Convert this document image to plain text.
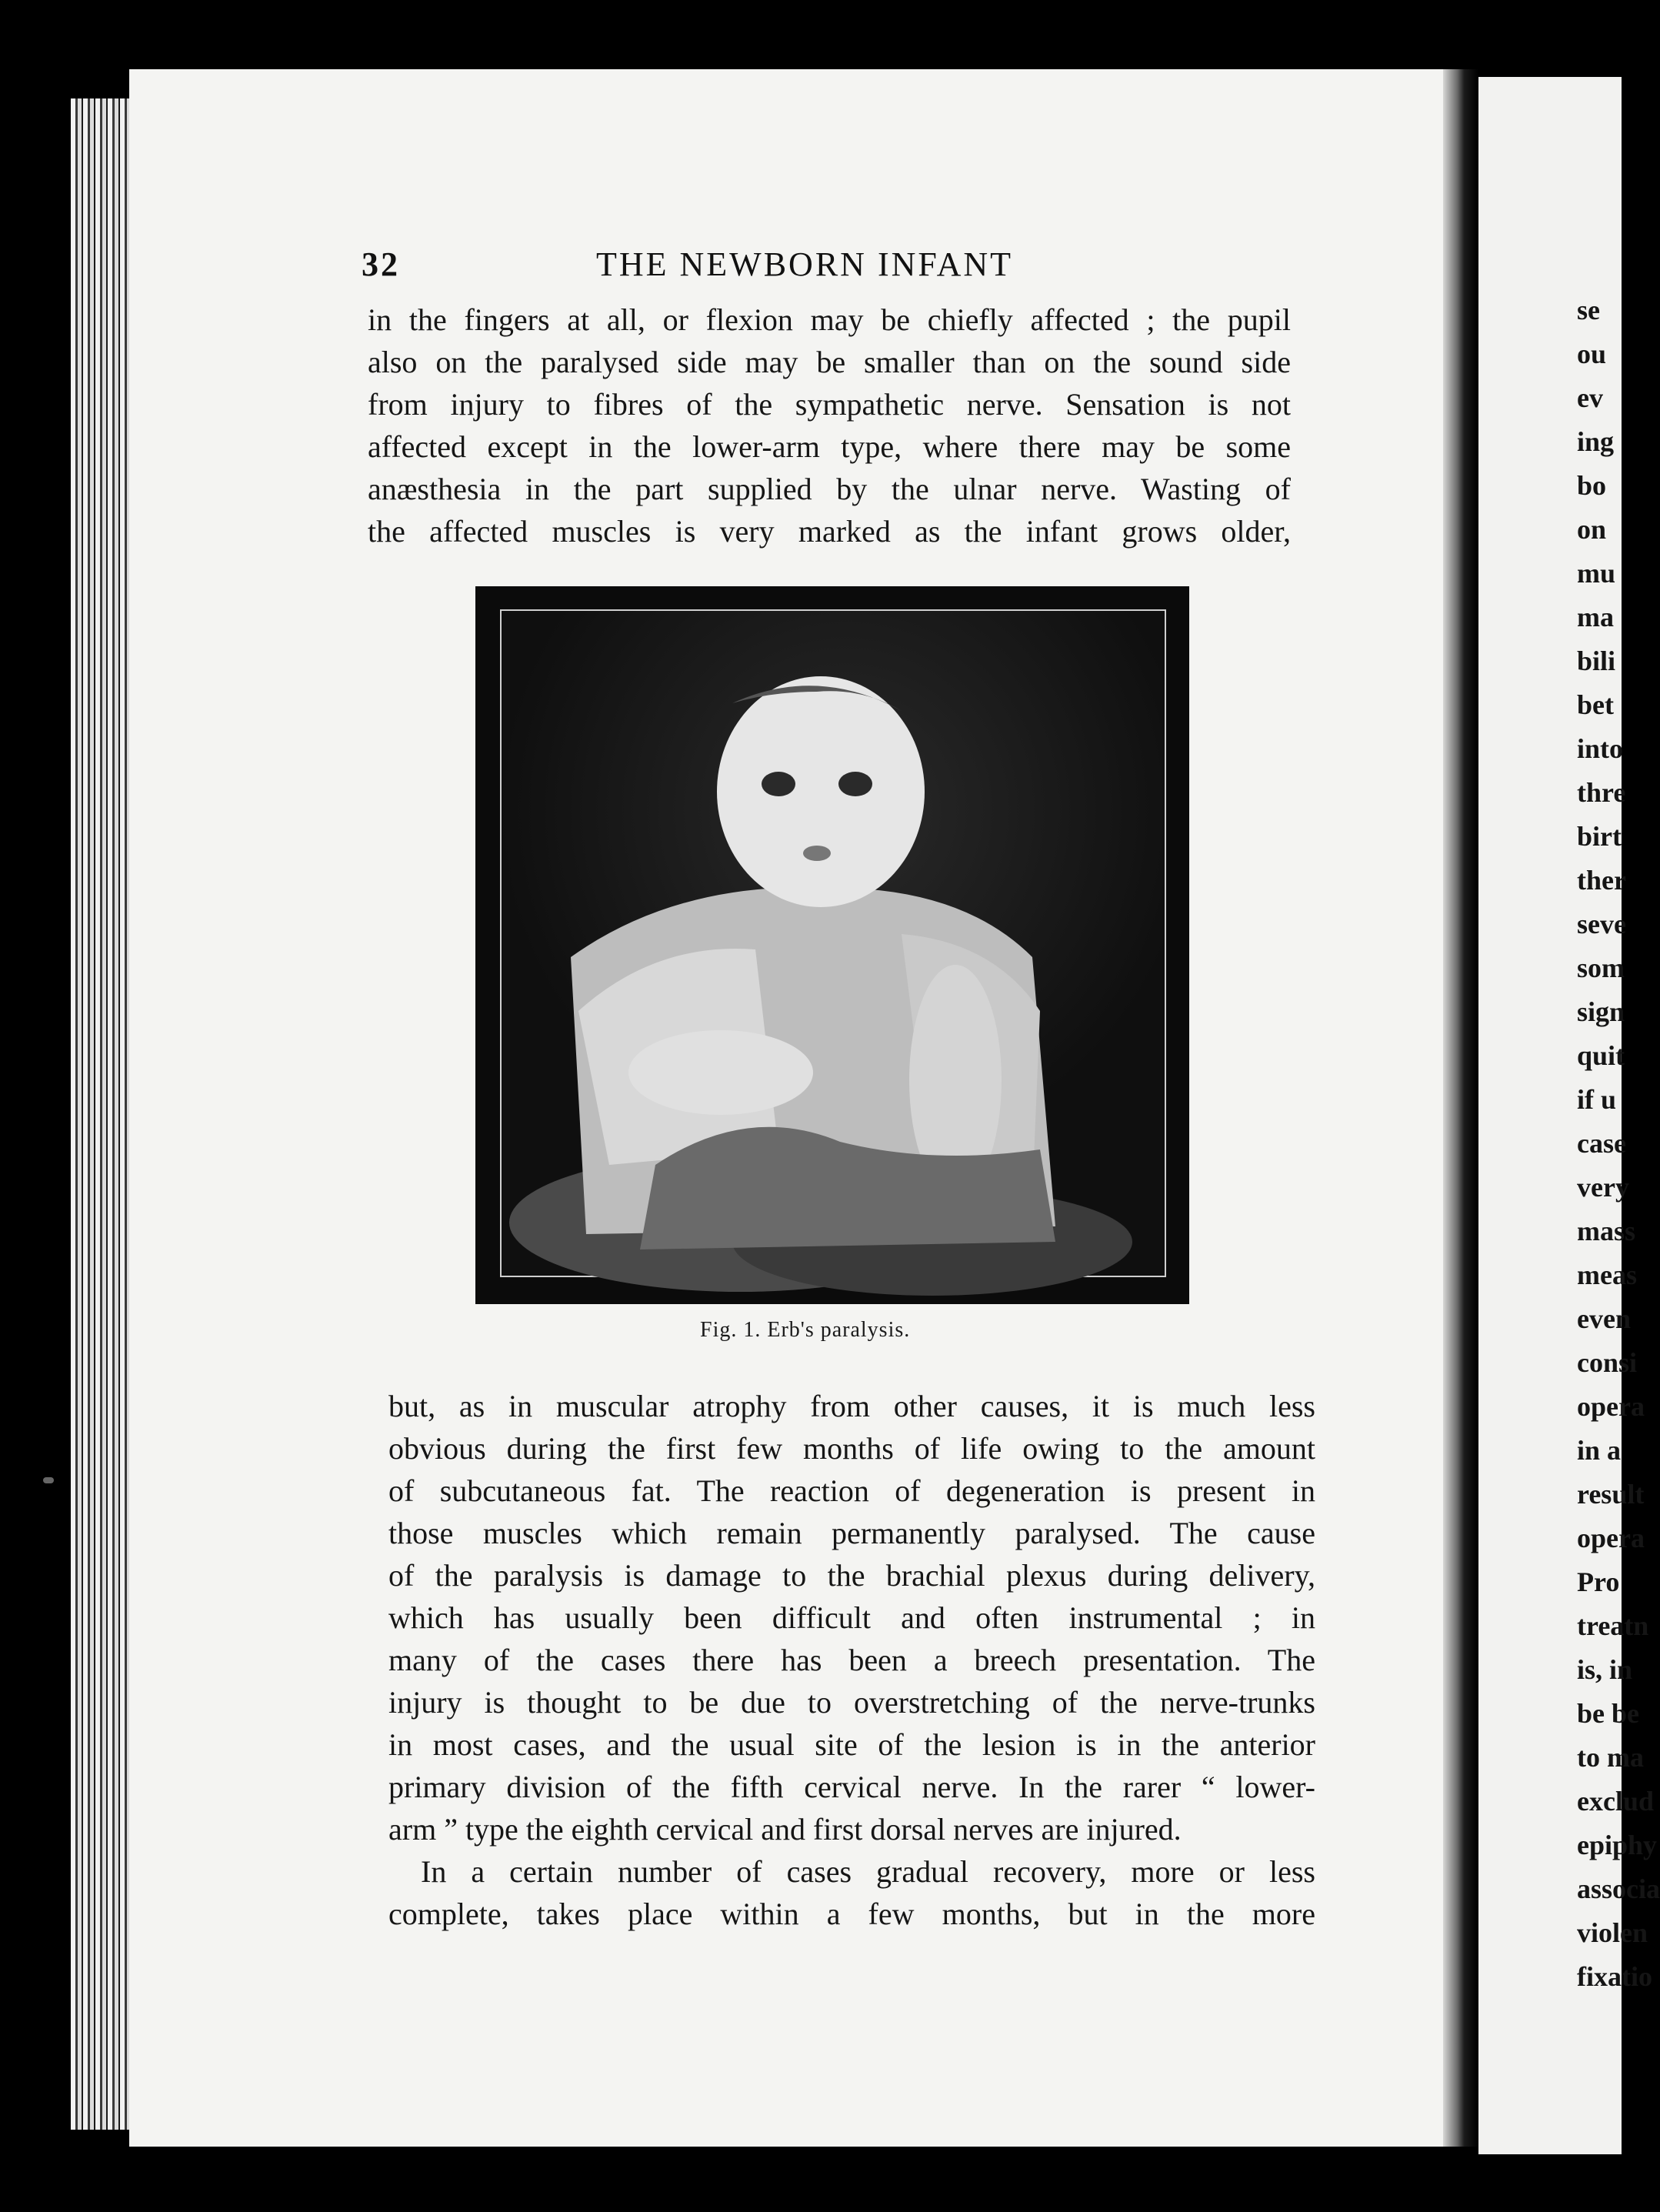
32	THE NEWBORN INFANT
in the fingers at all, or flexion may be chiefly affected ; the pupil
also on the paralysed side may be smaller than on the sound side
from injury to fibres of the sympathetic nerve. Sensation is not
affected except in the lower-arm type, where there may be some
anæsthesia in the part supplied by the ulnar nerve. Wasting of
the affected muscles is very marked as the infant grows older,
Fig. 1. Erb's paralysis.
but, as in muscular atrophy from other causes, it is much less
obvious during the first few months of life owing to the amount
of subcutaneous fat. The reaction of degeneration is present in
those muscles which remain permanently paralysed. The cause
of the paralysis is damage to the brachial plexus during delivery,
which has usually been difficult and often instrumental ; in
many of the cases there has been a breech presentation. The
injury is thought to be due to overstretching of the nerve-trunks
in most cases, and the usual site of the lesion is in the anterior
primary division of the fifth cervical nerve. In the rarer “ lower-
arm ” type the eighth cervical and first dorsal nerves are injured.
In a certain number of cases gradual recovery, more or less
complete, takes place within a few months, but in the more
se
ou
ev
ing
bo
on
mu
ma
bili
bet
into
thre
birt
ther
seve
som
sign
quit
if u
case
very
mass
meas
even
consi
opera
in a
result
opera
Pro
treatn
is, in
be be
to ma
exclud
epiphy
associa
violen
fixatio
